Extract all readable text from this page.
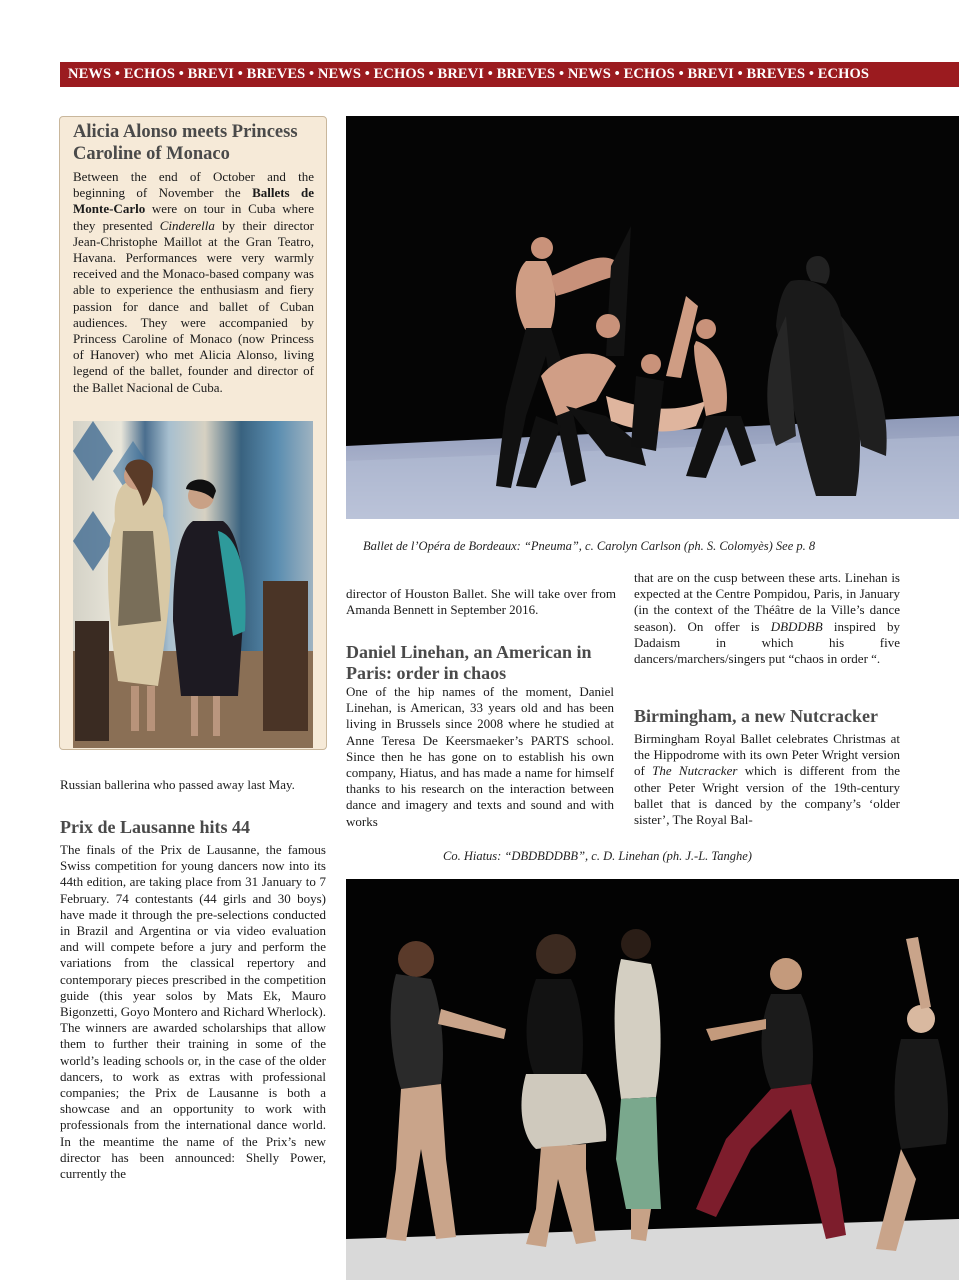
NEWS • ECHOS • BREVI • BREVES • NEWS • ECHOS • BREVI • BREVES • NEWS • ECHOS • BREVI • BREVES • ECHOS
Alicia Alonso meets Princess Caroline of Monaco

Between the end of October and the beginning of November the Ballets de Monte-Carlo were on tour in Cuba where they presented Cinderella by their director Jean-Christophe Maillot at the Gran Teatro, Havana. Performances were very warmly received and the Monaco-based company was able to experience the enthusiasm and fiery passion for dance and ballet of Cuban audiences. They were accompanied by Princess Caroline of Monaco (now Princess of Hanover) who met Alicia Alonso, living legend of the ballet, founder and director of the Ballet Nacional de Cuba.

Russian ballerina who passed away last May.
Prix de Lausanne hits 44

The finals of the Prix de Lausanne, the famous Swiss competition for young dancers now into its 44th edition, are taking place from 31 January to 7 February. 74 contestants (44 girls and 30 boys) have made it through the pre-selections conducted in Brazil and Argentina or via video evaluation and will compete before a jury and perform the variations from the classical repertory and contemporary pieces prescribed in the competition guide (this year solos by Mats Ek, Mauro Bigonzetti, Goyo Montero and Richard Wherlock). The winners are awarded scholarships that allow them to further their training in some of the world’s leading schools or, in the case of the older dancers, to work as extras with professional companies; the Prix de Lausanne is both a showcase and an opportunity to work with professionals from the international dance world. In the meantime the name of the Prix’s new director has been announced: Shelly Power, currently the

Ballet de l’Opéra de Bordeaux: “Pneuma”, c. Carolyn Carlson (ph. S. Colomyès) See p. 8

director of Houston Ballet. She will take over from Amanda Bennett in September 2016.

Daniel Linehan, an American in Paris: order in chaos

One of the hip names of the moment, Daniel Linehan, is American, 33 years old and has been living in Brussels since 2008 where he studied at Anne Teresa De Keersmaeker’s PARTS school. Since then he has gone on to establish his own company, Hiatus, and has made a name for himself thanks to his research on the interaction between dance and imagery and texts and sound and with works

that are on the cusp between these arts. Linehan is expected at the Centre Pompidou, Paris, in January (in the context of the Théâtre de la Ville’s dance season). On offer is DBDDBB inspired by Dadaism in which his five dancers/marchers/singers put “chaos in order “.

Birmingham, a new Nutcracker

Birmingham Royal Ballet celebrates Christmas at the Hippodrome with its own Peter Wright version of The Nutcracker which is different from the other Peter Wright version of the 19th-century ballet that is danced by the company’s ‘older sister’, The Royal Bal-

Co. Hiatus: “DBDBDDBB”, c. D. Linehan (ph. J.-L. Tanghe)
